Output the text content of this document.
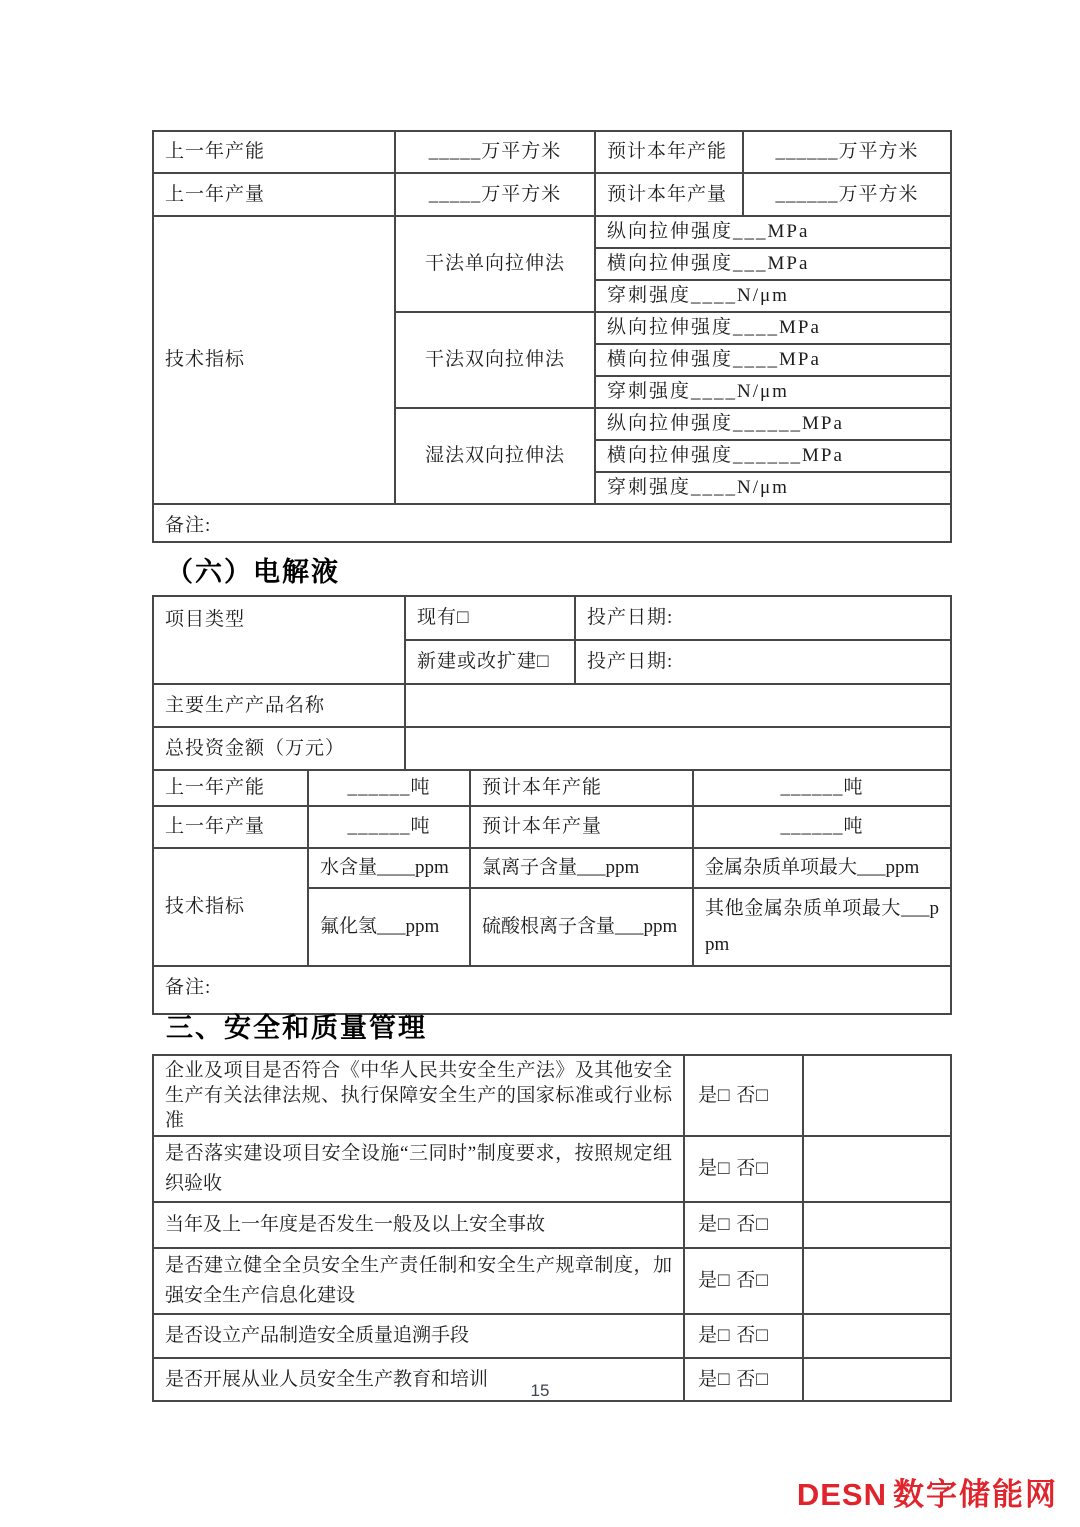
上一年产能	_____万平方米	预计本年产能	______万平方米
上一年产量	_____万平方米	预计本年产量	______万平方米
技术指标	干法单向拉伸法	纵向拉伸强度___MPa	
		横向拉伸强度___MPa	
		穿刺强度____N/μm	
	干法双向拉伸法	纵向拉伸强度____MPa	
		横向拉伸强度____MPa	
		穿刺强度____N/μm	
	湿法双向拉伸法	纵向拉伸强度______MPa	
		横向拉伸强度______MPa	
		穿刺强度____N/μm	
备注:			
（六）电解液
项目类型		现有□		投产日期:	
		新建或改扩建□		投产日期:	
主要生产产品名称					
总投资金额（万元）					
上一年产能	______吨		预计本年产能		______吨
上一年产量	______吨		预计本年产量		______吨
技术指标	水含量____ppm		氯离子含量___ppm		金属杂质单项最大___ppm
	氟化氢___ppm		硫酸根离子含量___ppm		其他金属杂质单项最大___ppm
备注:					
三、安全和质量管理
企业及项目是否符合《中华人民共安全生产法》及其他安全生产有关法律法规、执行保障安全生产的国家标准或行业标准	是□ 否□	
是否落实建设项目安全设施“三同时”制度要求，按照规定组织验收	是□ 否□	
当年及上一年度是否发生一般及以上安全事故	是□ 否□	
是否建立健全全员安全生产责任制和安全生产规章制度，加强安全生产信息化建设	是□ 否□	
是否设立产品制造安全质量追溯手段	是□ 否□	
是否开展从业人员安全生产教育和培训	是□ 否□	
15
DESN 数字储能网
